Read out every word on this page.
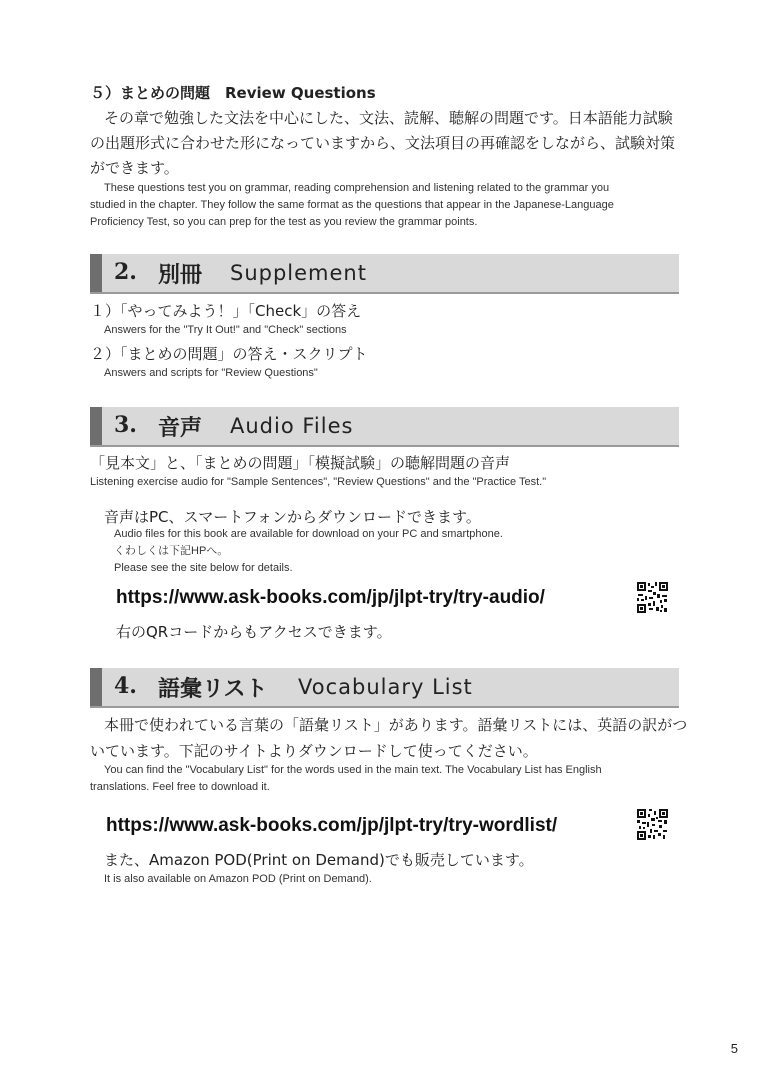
５）まとめの問題　Review Questions
その章で勉強した文法を中心にした、文法、読解、聴解の問題です。日本語能力試験
の出題形式に合わせた形になっていますから、文法項目の再確認をしながら、試験対策
ができます。
These questions test you on grammar, reading comprehension and listening related to the grammar you
studied in the chapter. They follow the same format as the questions that appear in the Japanese-Language
Proficiency Test, so you can prep for the test as you review the grammar points.
2. 別冊 Supplement
１）「やってみよう！」「Check」の答え
Answers for the "Try It Out!" and "Check" sections
２）「まとめの問題」の答え・スクリプト
Answers and scripts for "Review Questions"
3. 音声 Audio Files
「見本文」と、「まとめの問題」「模擬試験」の聴解問題の音声
Listening exercise audio for "Sample Sentences", "Review Questions" and the "Practice Test."
音声はPC、スマートフォンからダウンロードできます。
Audio files for this book are available for download on your PC and smartphone.
くわしくは下記HPへ。
Please see the site below for details.
https://www.ask-books.com/jp/jlpt-try/try-audio/
右のQRコードからもアクセスできます。
4. 語彙リスト Vocabulary List
本冊で使われている言葉の「語彙リスト」があります。語彙リストには、英語の訳がつ
いています。下記のサイトよりダウンロードして使ってください。
You can find the "Vocabulary List" for the words used in the main text. The Vocabulary List has English
translations. Feel free to download it.
https://www.ask-books.com/jp/jlpt-try/try-wordlist/
また、Amazon POD(Print on Demand)でも販売しています。
It is also available on Amazon POD (Print on Demand).
5
